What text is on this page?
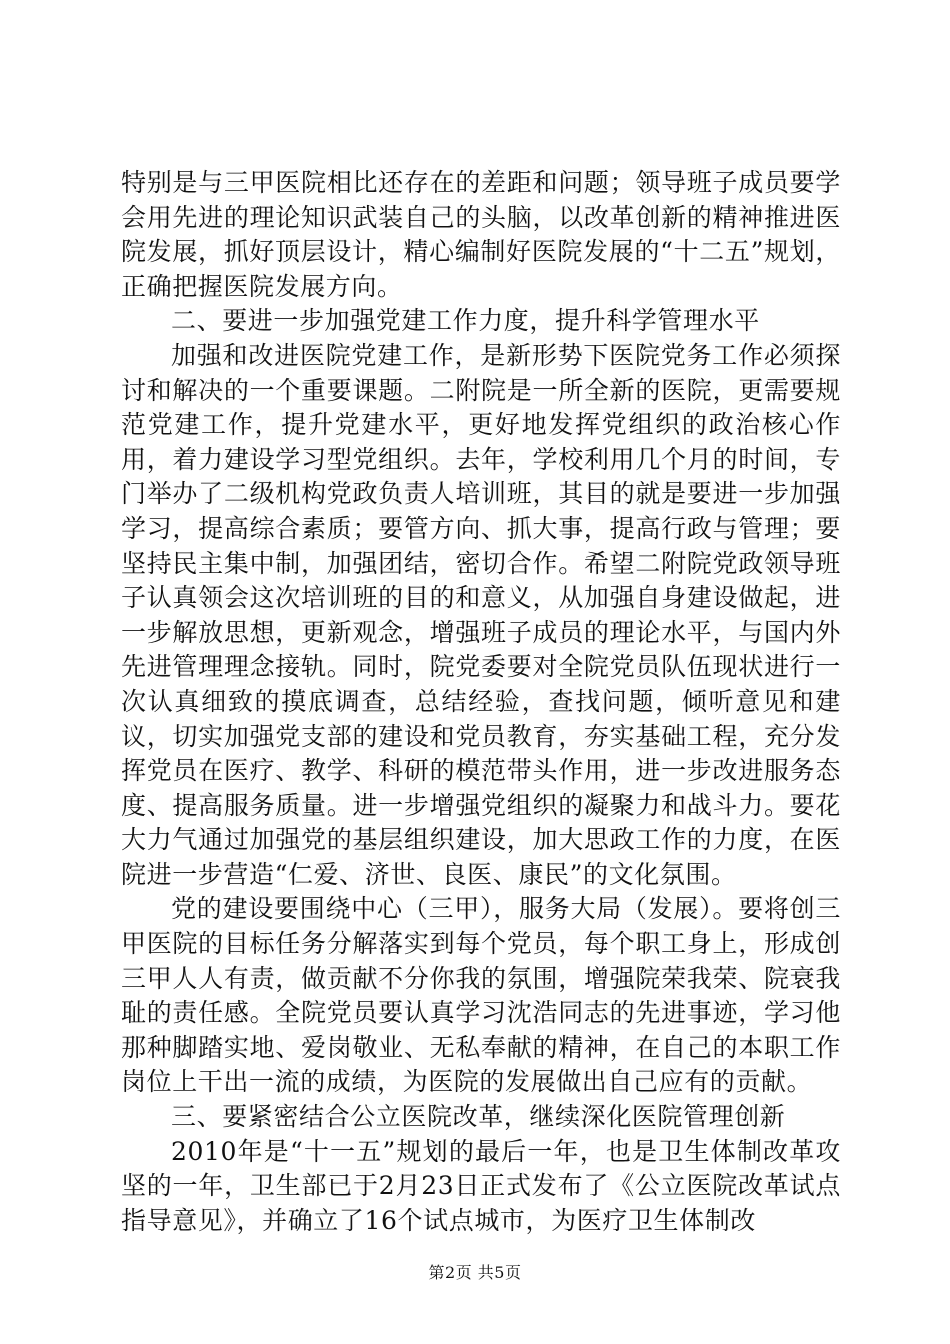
特别是与三甲医院相比还存在的差距和问题；领导班子成员要学会用先进的理论知识武装自己的头脑，以改革创新的精神推进医院发展，抓好顶层设计，精心编制好医院发展的“十二五”规划，正确把握医院发展方向。

二、要进一步加强党建工作力度，提升科学管理水平

加强和改进医院党建工作，是新形势下医院党务工作必须探讨和解决的一个重要课题。二附院是一所全新的医院，更需要规范党建工作，提升党建水平，更好地发挥党组织的政治核心作用，着力建设学习型党组织。去年，学校利用几个月的时间，专门举办了二级机构党政负责人培训班，其目的就是要进一步加强学习，提高综合素质；要管方向、抓大事，提高行政与管理；要坚持民主集中制，加强团结，密切合作。希望二附院党政领导班子认真领会这次培训班的目的和意义，从加强自身建设做起，进一步解放思想，更新观念，增强班子成员的理论水平，与国内外先进管理理念接轨。同时，院党委要对全院党员队伍现状进行一次认真细致的摸底调查，总结经验，查找问题，倾听意见和建议，切实加强党支部的建设和党员教育，夯实基础工程，充分发挥党员在医疗、教学、科研的模范带头作用，进一步改进服务态度、提高服务质量。进一步增强党组织的凝聚力和战斗力。要花大力气通过加强党的基层组织建设，加大思政工作的力度，在医院进一步营造“仁爱、济世、良医、康民”的文化氛围。

党的建设要围绕中心（三甲），服务大局（发展）。要将创三甲医院的目标任务分解落实到每个党员，每个职工身上，形成创三甲人人有责，做贡献不分你我的氛围，增强院荣我荣、院衰我耻的责任感。全院党员要认真学习沈浩同志的先进事迹，学习他那种脚踏实地、爱岗敬业、无私奉献的精神，在自己的本职工作岗位上干出一流的成绩，为医院的发展做出自己应有的贡献。

三、要紧密结合公立医院改革，继续深化医院管理创新

2010年是“十一五”规划的最后一年，也是卫生体制改革攻坚的一年，卫生部已于2月23日正式发布了《公立医院改革试点指导意见》，并确立了16个试点城市，为医疗卫生体制改

第2页 共5页
